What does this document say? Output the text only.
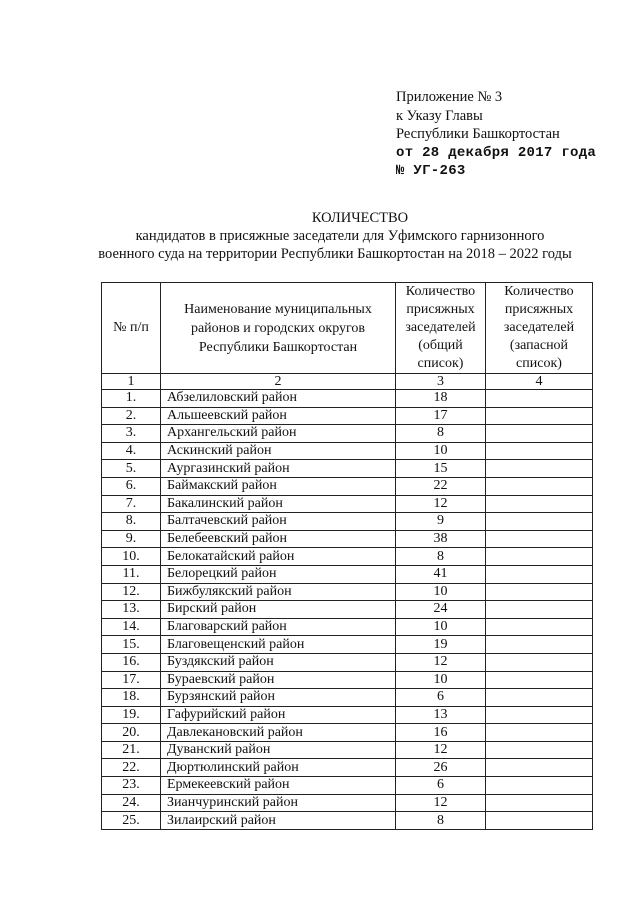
Приложение № 3
к Указу Главы
Республики Башкортостан
от 28 декабря 2017 года
№ УГ-263
КОЛИЧЕСТВО
кандидатов в присяжные заседатели для Уфимского гарнизонного
военного суда на территории Республики Башкортостан на 2018 – 2022 годы
№ п/п	Наименование муниципальных районов и городских округов Республики Башкортостан	Количество присяжных заседателей (общий список)	Количество присяжных заседателей (запасной список)
1	2	3	4
1.	Абзелиловский район	18	
2.	Альшеевский район	17	
3.	Архангельский район	8	
4.	Аскинский район	10	
5.	Аургазинский район	15	
6.	Баймакский район	22	
7.	Бакалинский район	12	
8.	Балтачевский район	9	
9.	Белебеевский район	38	
10.	Белокатайский район	8	
11.	Белорецкий район	41	
12.	Бижбулякский район	10	
13.	Бирский район	24	
14.	Благоварский район	10	
15.	Благовещенский район	19	
16.	Буздякский район	12	
17.	Бураевский район	10	
18.	Бурзянский район	6	
19.	Гафурийский район	13	
20.	Давлекановский район	16	
21.	Дуванский район	12	
22.	Дюртюлинский район	26	
23.	Ермекеевский район	6	
24.	Зианчуринский район	12	
25.	Зилаирский район	8	
